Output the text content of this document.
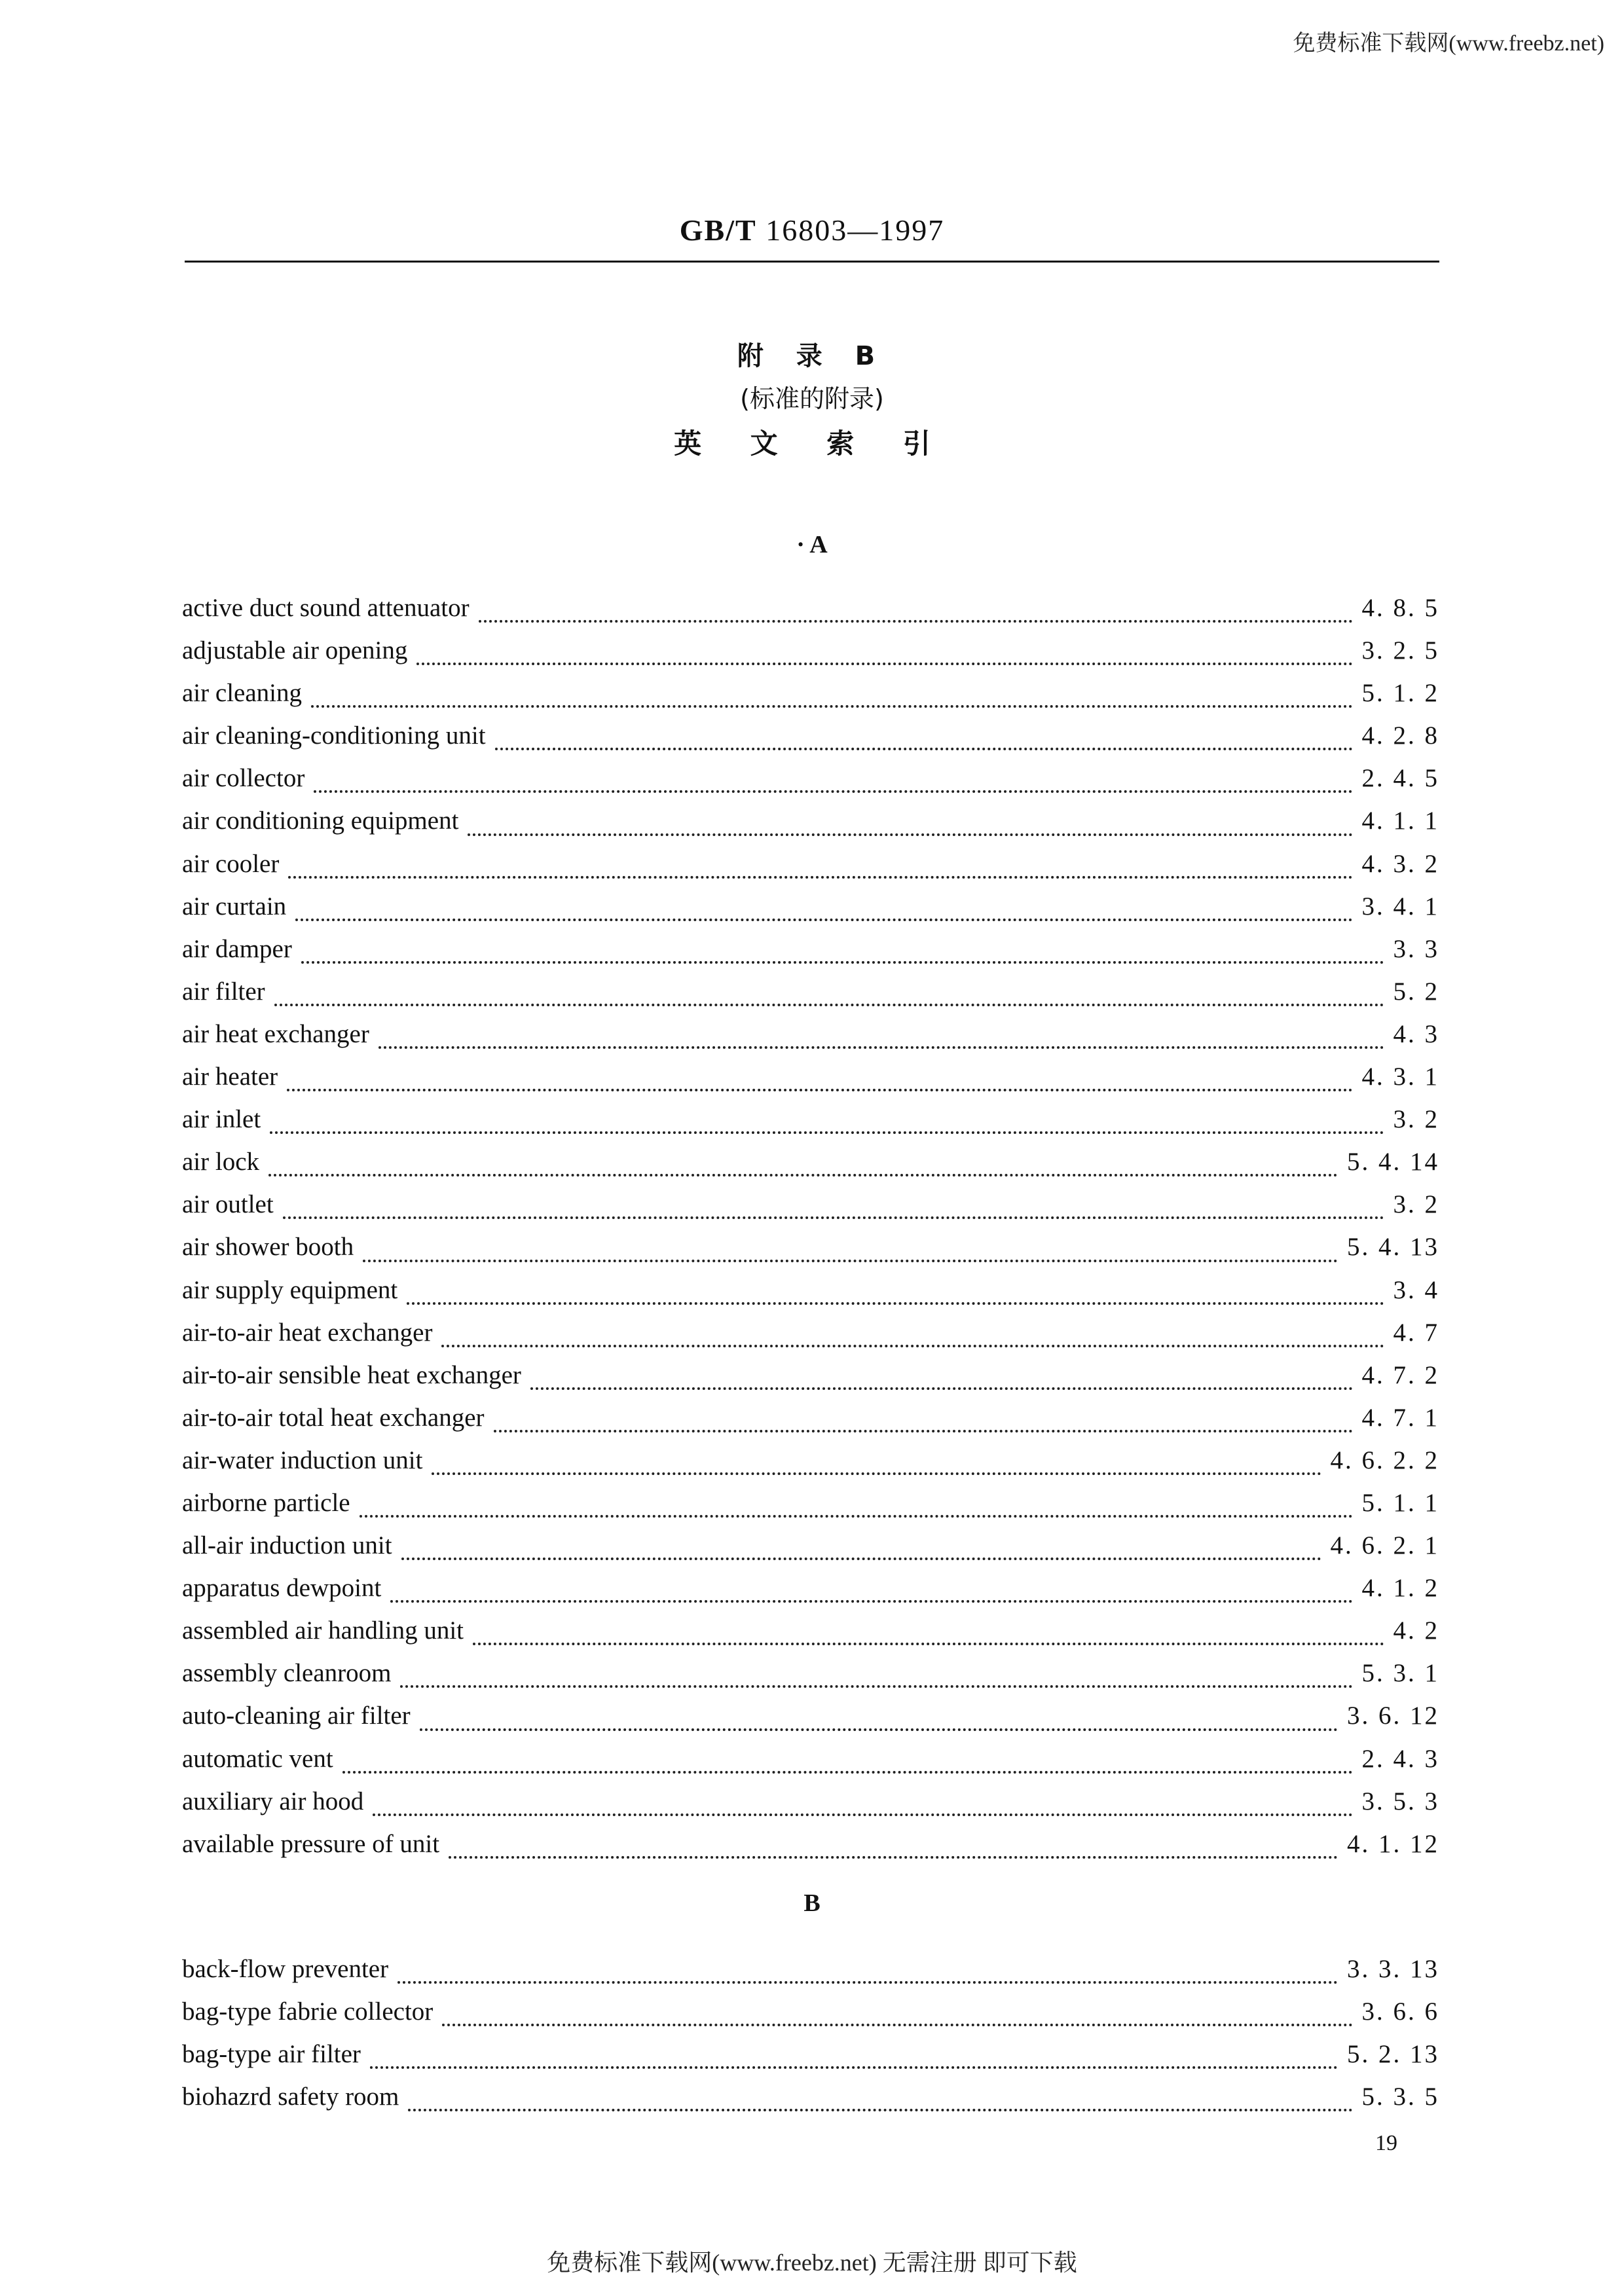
免费标准下载网(www.freebz.net)
GB/T 16803—1997
附 录 B
(标准的附录)
英 文 索 引
· A
active duct sound attenuator	4. 8. 5
adjustable air opening	3. 2. 5
air cleaning	5. 1. 2
air cleaning-conditioning unit	4. 2. 8
air collector	2. 4. 5
air conditioning equipment	4. 1. 1
air cooler	4. 3. 2
air curtain	3. 4. 1
air damper	3. 3
air filter	5. 2
air heat exchanger	4. 3
air heater	4. 3. 1
air inlet	3. 2
air lock	5. 4. 14
air outlet	3. 2
air shower booth	5. 4. 13
air supply equipment	3. 4
air-to-air heat exchanger	4. 7
air-to-air sensible heat exchanger	4. 7. 2
air-to-air total heat exchanger	4. 7. 1
air-water induction unit	4. 6. 2. 2
airborne particle	5. 1. 1
all-air induction unit	4. 6. 2. 1
apparatus dewpoint	4. 1. 2
assembled air handling unit	4. 2
assembly cleanroom	5. 3. 1
auto-cleaning air filter	3. 6. 12
automatic vent	2. 4. 3
auxiliary air hood	3. 5. 3
available pressure of unit	4. 1. 12
B
back-flow preventer	3. 3. 13
bag-type fabrie collector	3. 6. 6
bag-type air filter	5. 2. 13
biohazrd safety room	5. 3. 5
19
免费标准下载网(www.freebz.net) 无需注册 即可下载
